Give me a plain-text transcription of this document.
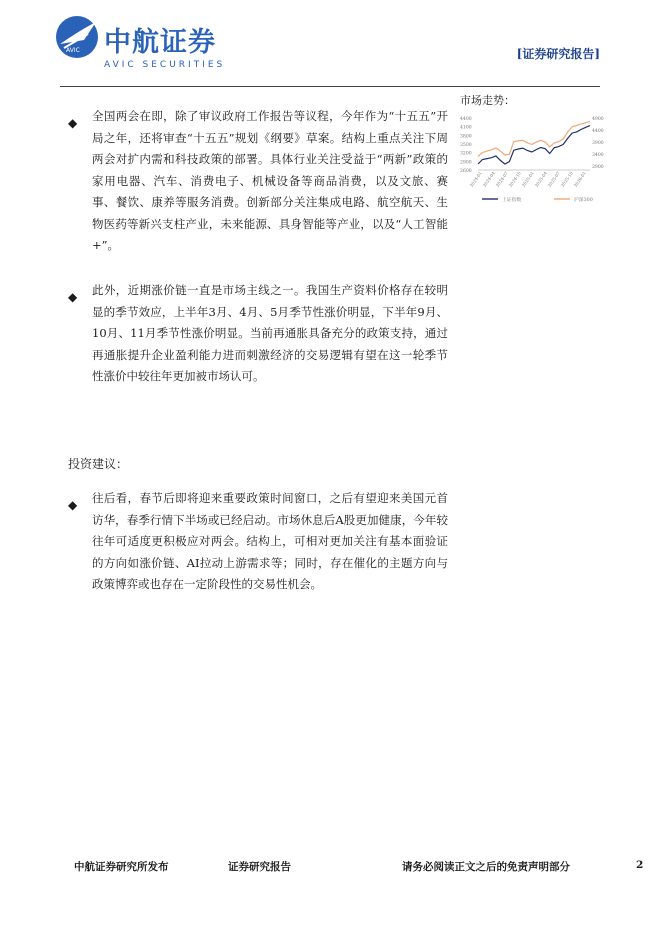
AVIC 中航证券
AVIC SECURITIES
[证券研究报告]
◆ 全国两会在即，除了审议政府工作报告等议程，今年作为“十五五”开局之年，还将审查“十五五”规划《纲要》草案。结构上重点关注下周两会对扩内需和科技政策的部署。具体行业关注受益于“两新”政策的家用电器、汽车、消费电子、机械设备等商品消费，以及文旅、赛事、餐饮、康养等服务消费。创新部分关注集成电路、航空航天、生物医药等新兴支柱产业，未来能源、具身智能等产业，以及“人工智能+”。
◆ 此外，近期涨价链一直是市场主线之一。我国生产资料价格存在较明显的季节效应，上半年3月、4月、5月季节性涨价明显，下半年9月、10月、11月季节性涨价明显。当前再通胀具备充分的政策支持，通过再通胀提升企业盈利能力进而刺激经济的交易逻辑有望在这一轮季节性涨价中较往年更加被市场认可。
投资建议：
◆ 往后看，春节后即将迎来重要政策时间窗口，之后有望迎来美国元首访华，春季行情下半场或已经启动。市场休息后A股更加健康，今年较往年可适度更积极应对两会。结构上，可相对更加关注有基本面验证的方向如涨价链、AI拉动上游需求等；同时，存在催化的主题方向与政策博弈或也存在一定阶段性的交易性机会。
市场走势：
4400
4100
3800
3500
3200
2900
2600
4900
4400
3900
3400
2900
2024-01
2024-04
2024-07
2024-10
2025-01
2025-04
2025-07
2025-10
2026-01
上证指数	沪深300
中航证券研究所发布	证券研究报告	请务必阅读正文之后的免责声明部分	2
